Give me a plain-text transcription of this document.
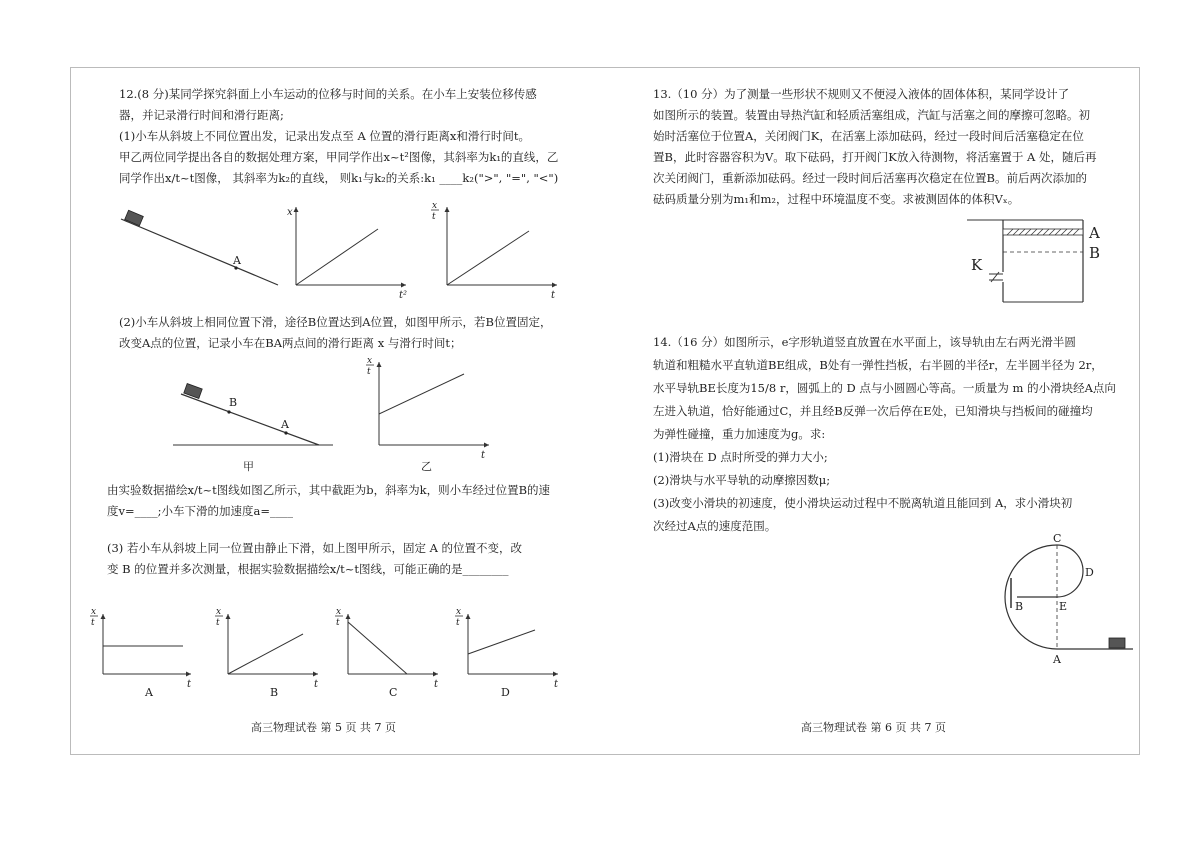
12.(8 分)某同学探究斜面上小车运动的位移与时间的关系。在小车上安装位移传感

器，并记录滑行时间和滑行距离;

(1)小车从斜坡上不同位置出发，记录出发点至 A 位置的滑行距离x和滑行时间t。

甲乙两位同学提出各自的数据处理方案，甲同学作出x~t²图像，其斜率为k₁的直线，乙

同学作出x/t~t图像， 其斜率为k₂的直线， 则k₁与k₂的关系:k₁ ____k₂(">", "=", "<")

A
x
t²
x
t
t

(2)小车从斜坡上相同位置下滑，途径B位置达到A位置，如图甲所示，若B位置固定，

改变A点的位置，记录小车在BA两点间的滑行距离 x 与滑行时间t；

B
A
甲
x
t
t
乙

由实验数据描绘x/t~t图线如图乙所示，其中截距为b，斜率为k，则小车经过位置B的速

度v=____;小车下滑的加速度a=____

(3) 若小车从斜坡上同一位置由静止下滑，如上图甲所示，固定 A 的位置不变，改

变 B 的位置并多次测量，根据实验数据描绘x/t~t图线，可能正确的是________

x
t
t
A
x
t
t
B
x
t
t
C
x
t
t
D
高三物理试卷 第 5 页 共 7 页

13.（10 分）为了测量一些形状不规则又不便浸入液体的固体体积，某同学设计了

如图所示的装置。装置由导热汽缸和轻质活塞组成，汽缸与活塞之间的摩擦可忽略。初

始时活塞位于位置A，关闭阀门K，在活塞上添加砝码，经过一段时间后活塞稳定在位

置B，此时容器容积为V。取下砝码，打开阀门K放入待测物，将活塞置于 A 处，随后再

次关闭阀门，重新添加砝码。经过一段时间后活塞再次稳定在位置B。前后两次添加的

砝码质量分别为m₁和m₂，过程中环境温度不变。求被测固体的体积Vₓ。

A
B
K

14.（16 分）如图所示，e字形轨道竖直放置在水平面上，该导轨由左右两光滑半圆

轨道和粗糙水平直轨道BE组成，B处有一弹性挡板，右半圆的半径r，左半圆半径为 2r，

水平导轨BE长度为15/8 r，圆弧上的 D 点与小圆圆心等高。一质量为 m 的小滑块经A点向

左进入轨道，恰好能通过C，并且经B反弹一次后停在E处，已知滑块与挡板间的碰撞均

为弹性碰撞，重力加速度为g。求:

(1)滑块在 D 点时所受的弹力大小;

(2)滑块与水平导轨的动摩擦因数μ;

(3)改变小滑块的初速度，使小滑块运动过程中不脱离轨道且能回到 A，求小滑块初

次经过A点的速度范围。

C
D
B	E
A
高三物理试卷 第 6 页 共 7 页
